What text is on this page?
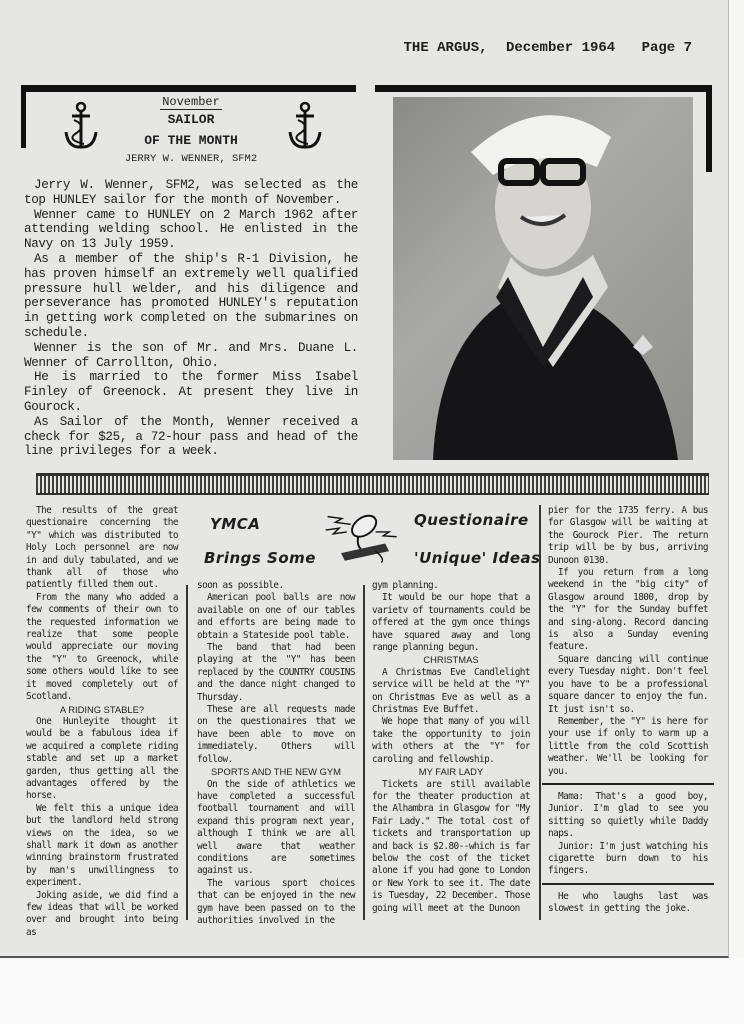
THE ARGUS, December 1964 Page 7
November
SAILOR
OF THE MONTH
JERRY W. WENNER, SFM2

Jerry W. Wenner, SFM2, was selected as the top HUNLEY sailor for the month of November.

Wenner came to HUNLEY on 2 March 1962 after attending welding school. He enlisted in the Navy on 13 July 1959.

As a member of the ship's R-1 Division, he has proven himself an extremely well qualified pressure hull welder, and his diligence and perseverance has promoted HUNLEY's reputation in getting work completed on the submarines on schedule.

Wenner is the son of Mr. and Mrs. Duane L. Wenner of Carrollton, Ohio.

He is married to the former Miss Isabel Finley of Greenock. At present they live in Gourock.

As Sailor of the Month, Wenner received a check for $25, a 72-hour pass and head of the line privileges for a week.

YMCA	Questionaire
Brings Some	'Unique' Ideas

The results of the great questionaire concerning the "Y" which was distributed to Holy Loch personnel are now in and duly tabulated, and we thank all of those who patiently filled them out.

From the many who added a few comments of their own to the requested information we realize that some people would appreciate our moving the "Y" to Greenock, while some others would like to see it moved completely out of Scotland.

A RIDING STABLE?

One Hunleyite thought it would be a fabulous idea if we acquired a complete riding stable and set up a market garden, thus getting all the advantages offered by the horse.

We felt this a unique idea but the landlord held strong views on the idea, so we shall mark it down as another winning brainstorm frustrated by man's unwillingness to experiment.

Joking aside, we did find a few ideas that will be worked over and brought into being as

soon as possible.

American pool balls are now available on one of our tables and efforts are being made to obtain a Stateside pool table.

The band that had been playing at the "Y" has been replaced by the COUNTRY COUSINS and the dance night changed to Thursday.

These are all requests made on the questionaires that we have been able to move on immediately. Others will follow.

SPORTS AND THE NEW GYM

On the side of athletics we have completed a successful football tournament and will expand this program next year, although I think we are all well aware that weather conditions are sometimes against us.

The various sport choices that can be enjoyed in the new gym have been passed on to the authorities involved in the

gym planning.

It would be our hope that a varietv of tournaments could be offered at the gym once things have squared away and long range planning begun.

CHRISTMAS

A Christmas Eve Candlelight service will be held at the "Y" on Christmas Eve as well as a Christmas Eve Buffet.

We hope that many of you will take the opportunity to join with others at the "Y" for caroling and fellowship.

MY FAIR LADY

Tickets are still available for the theater production at the Alhambra in Glasgow for "My Fair Lady." The total cost of tickets and transportation up and back is $2.80--which is far below the cost of the ticket alone if you had gone to London or New York to see it. The date is Tuesday, 22 December. Those going will meet at the Dunoon

pier for the 1735 ferry. A bus for Glasgow will be waiting at the Gourock Pier. The return trip will be by bus, arriving Dunoon 0130.

If you return from a long weekend in the "big city" of Glasgow around 1800, drop by the "Y" for the Sunday buffet and sing-along. Record dancing is also a Sunday evening feature.

Square dancing will continue every Tuesday night. Don't feel you have to be a professional square dancer to enjoy the fun. It just isn't so.

Remember, the "Y" is here for your use if only to warm up a little from the cold Scottish weather. We'll be looking for you.

Mama: That's a good boy, Junior. I'm glad to see you sitting so quietly while Daddy naps.

Junior: I'm just watching his cigarette burn down to his fingers.

He who laughs last was slowest in getting the joke.
